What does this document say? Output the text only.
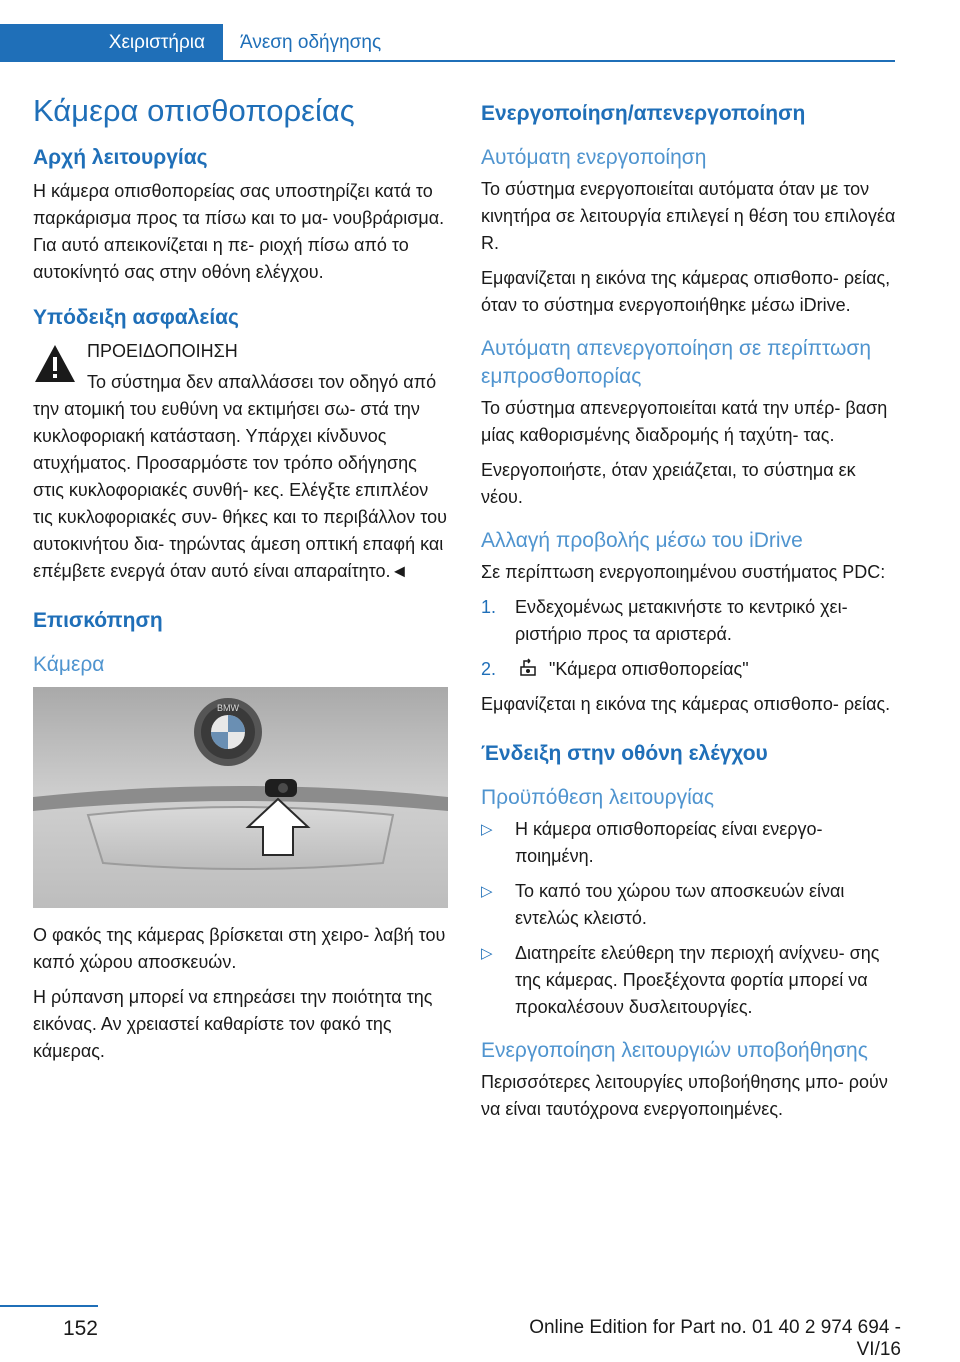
Χειριστήρια	Άνεση οδήγησης
Κάμερα οπισθοπορείας
Αρχή λειτουργίας

Η κάμερα οπισθοπορείας σας υποστηρίζει κατά το παρκάρισμα προς τα πίσω και το μα- νουβράρισμα. Για αυτό απεικονίζεται η πε- ριοχή πίσω από το αυτοκίνητό σας στην οθόνη ελέγχου.

Υπόδειξη ασφαλείας

ΠΡΟΕΙΔΟΠΟΙΗΣΗ

Το σύστημα δεν απαλλάσσει τον οδηγό από την ατομική του ευθύνη να εκτιμήσει σω- στά την κυκλοφοριακή κατάσταση. Υπάρχει κίνδυνος ατυχήματος. Προσαρμόστε τον τρόπο οδήγησης στις κυκλοφοριακές συνθή- κες. Ελέγξτε επιπλέον τις κυκλοφοριακές συν- θήκες και το περιβάλλον του αυτοκινήτου δια- τηρώντας άμεση οπτική επαφή και επέμβετε ενεργά όταν αυτό είναι απαραίτητο.◄

Επισκόπηση
Κάμερα
BMW

Ο φακός της κάμερας βρίσκεται στη χειρο- λαβή του καπό χώρου αποσκευών.

Η ρύπανση μπορεί να επηρεάσει την ποιότητα της εικόνας. Αν χρειαστεί καθαρίστε τον φακό της κάμερας.

Ενεργοποίηση/απενεργοποίηση
Αυτόματη ενεργοποίηση

Το σύστημα ενεργοποιείται αυτόματα όταν με τον κινητήρα σε λειτουργία επιλεγεί η θέση του επιλογέα R.

Εμφανίζεται η εικόνα της κάμερας οπισθοπο- ρείας, όταν το σύστημα ενεργοποιήθηκε μέσω iDrive.

Αυτόματη απενεργοποίηση σε περίπτωση εμπροσθοπορίας

Το σύστημα απενεργοποιείται κατά την υπέρ- βαση μίας καθορισμένης διαδρομής ή ταχύτη- τας.

Ενεργοποιήστε, όταν χρειάζεται, το σύστημα εκ νέου.

Αλλαγή προβολής μέσω του iDrive

Σε περίπτωση ενεργοποιημένου συστήματος PDC:

1. Ενδεχομένως μετακινήστε το κεντρικό χει- ριστήριο προς τα αριστερά.
2.	"Κάμερα οπισθοπορείας"

Εμφανίζεται η εικόνα της κάμερας οπισθοπο- ρείας.

Ένδειξη στην οθόνη ελέγχου
Προϋπόθεση λειτουργίας
▷ Η κάμερα οπισθοπορείας είναι ενεργο- ποιημένη.
▷ Το καπό του χώρου των αποσκευών είναι εντελώς κλειστό.
▷ Διατηρείτε ελεύθερη την περιοχή ανίχνευ- σης της κάμερας. Προεξέχοντα φορτία μπορεί να προκαλέσουν δυσλειτουργίες.
Ενεργοποίηση λειτουργιών υποβοήθησης

Περισσότερες λειτουργίες υποβοήθησης μπο- ρούν να είναι ταυτόχρονα ενεργοποιημένες.

152	Online Edition for Part no. 01 40 2 974 694 - VI/16
